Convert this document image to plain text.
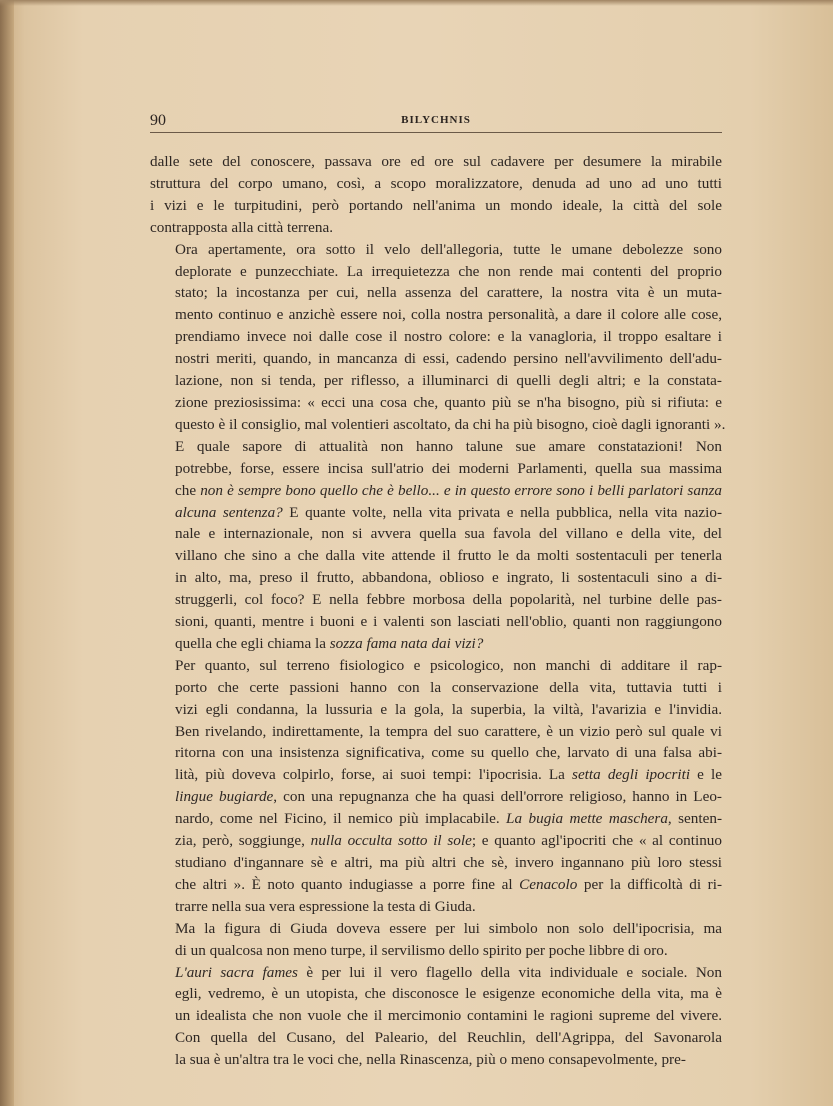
90	BILYCHNIS
dalle sete del conoscere, passava ore ed ore sul cadavere per desumere la mirabile
struttura del corpo umano, così, a scopo moralizzatore, denuda ad uno ad uno tutti
i vizi e le turpitudini, però portando nell'anima un mondo ideale, la città del sole
contrapposta alla città terrena.
Ora apertamente, ora sotto il velo dell'allegoria, tutte le umane debolezze sono
deplorate e punzecchiate. La irrequietezza che non rende mai contenti del proprio
stato; la incostanza per cui, nella assenza del carattere, la nostra vita è un muta-
mento continuo e anzichè essere noi, colla nostra personalità, a dare il colore alle cose,
prendiamo invece noi dalle cose il nostro colore: e la vanagloria, il troppo esaltare i
nostri meriti, quando, in mancanza di essi, cadendo persino nell'avvilimento dell'adu-
lazione, non si tenda, per riflesso, a illuminarci di quelli degli altri; e la constata-
zione preziosissima: « ecci una cosa che, quanto più se n'ha bisogno, più si rifiuta: e
questo è il consiglio, mal volentieri ascoltato, da chi ha più bisogno, cioè dagli ignoranti ».
E quale sapore di attualità non hanno talune sue amare constatazioni! Non
potrebbe, forse, essere incisa sull'atrio dei moderni Parlamenti, quella sua massima
che non è sempre bono quello che è bello... e in questo errore sono i belli parlatori sanza
alcuna sentenza? E quante volte, nella vita privata e nella pubblica, nella vita nazio-
nale e internazionale, non si avvera quella sua favola del villano e della vite, del
villano che sino a che dalla vite attende il frutto le da molti sostentaculi per tenerla
in alto, ma, preso il frutto, abbandona, oblioso e ingrato, li sostentaculi sino a di-
struggerli, col foco? E nella febbre morbosa della popolarità, nel turbine delle pas-
sioni, quanti, mentre i buoni e i valenti son lasciati nell'oblio, quanti non raggiungono
quella che egli chiama la sozza fama nata dai vizi?
Per quanto, sul terreno fisiologico e psicologico, non manchi di additare il rap-
porto che certe passioni hanno con la conservazione della vita, tuttavia tutti i
vizi egli condanna, la lussuria e la gola, la superbia, la viltà, l'avarizia e l'invidia.
Ben rivelando, indirettamente, la tempra del suo carattere, è un vizio però sul quale vi
ritorna con una insistenza significativa, come su quello che, larvato di una falsa abi-
lità, più doveva colpirlo, forse, ai suoi tempi: l'ipocrisia. La setta degli ipocriti e le
lingue bugiarde, con una repugnanza che ha quasi dell'orrore religioso, hanno in Leo-
nardo, come nel Ficino, il nemico più implacabile. La bugia mette maschera, senten-
zia, però, soggiunge, nulla occulta sotto il sole; e quanto agl'ipocriti che « al continuo
studiano d'ingannare sè e altri, ma più altri che sè, invero ingannano più loro stessi
che altri ». È noto quanto indugiasse a porre fine al Cenacolo per la difficoltà di ri-
trarre nella sua vera espressione la testa di Giuda.
Ma la figura di Giuda doveva essere per lui simbolo non solo dell'ipocrisia, ma
di un qualcosa non meno turpe, il servilismo dello spirito per poche libbre di oro.
L'auri sacra fames è per lui il vero flagello della vita individuale e sociale. Non
egli, vedremo, è un utopista, che disconosce le esigenze economiche della vita, ma è
un idealista che non vuole che il mercimonio contamini le ragioni supreme del vivere.
Con quella del Cusano, del Paleario, del Reuchlin, dell'Agrippa, del Savonarola
la sua è un'altra tra le voci che, nella Rinascenza, più o meno consapevolmente, pre-
